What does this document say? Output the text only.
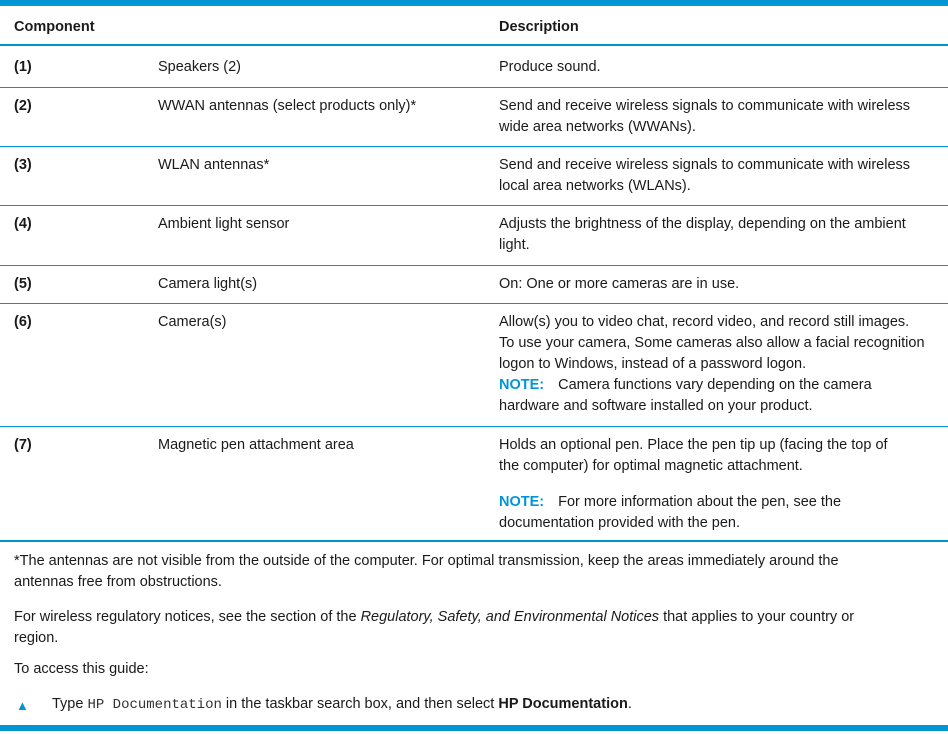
Component	Description
(1)	Speakers (2)	Produce sound.
(2)	WWAN antennas (select products only)*	Send and receive wireless signals to communicate with wireless
wide area networks (WWANs).
(3)	WLAN antennas*	Send and receive wireless signals to communicate with wireless
local area networks (WLANs).
(4)	Ambient light sensor	Adjusts the brightness of the display, depending on the ambient
light.
(5)	Camera light(s)	On: One or more cameras are in use.
(6)	Camera(s)	Allow(s) you to video chat, record video, and record still images.
To use your camera, Some cameras also allow a facial recognition
logon to Windows, instead of a password logon.
NOTE: Camera functions vary depending on the camera
hardware and software installed on your product.
(7)	Magnetic pen attachment area	Holds an optional pen. Place the pen tip up (facing the top of
the computer) for optimal magnetic attachment.
NOTE: For more information about the pen, see the
documentation provided with the pen.
*The antennas are not visible from the outside of the computer. For optimal transmission, keep the areas immediately around the
antennas free from obstructions.
For wireless regulatory notices, see the section of the Regulatory, Safety, and Environmental Notices that applies to your country or
region.
To access this guide:
▲ Type HP Documentation in the taskbar search box, and then select HP Documentation.
